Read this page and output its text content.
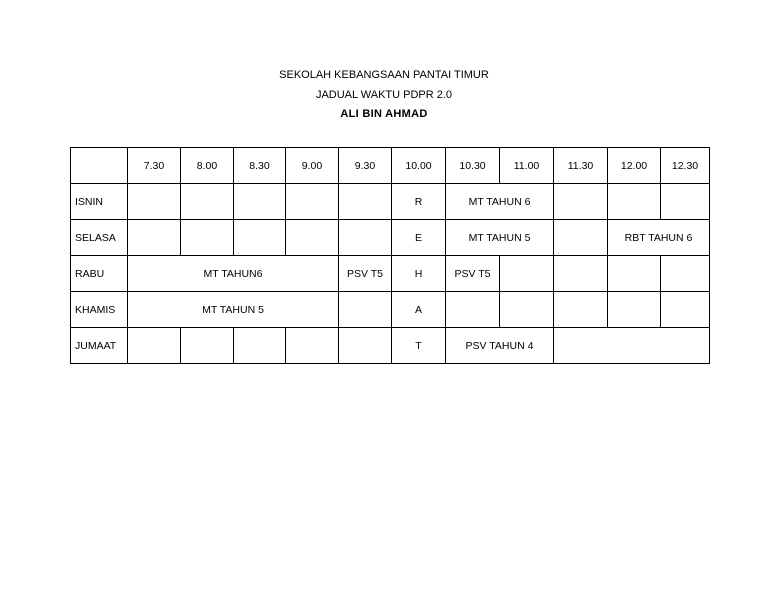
SEKOLAH KEBANGSAAN PANTAI TIMUR
JADUAL WAKTU PDPR 2.0
ALI BIN AHMAD
	7.30	8.00	8.30	9.00	9.30	10.00	10.30	11.00	11.30	12.00	12.30
ISNIN						R	MT TAHUN 6				
SELASA						E	MT TAHUN 5			RBT TAHUN 6	
RABU	MT TAHUN6				PSV T5	H	PSV T5				
KHAMIS	MT TAHUN 5					A					
JUMAAT						T	PSV TAHUN 4				
